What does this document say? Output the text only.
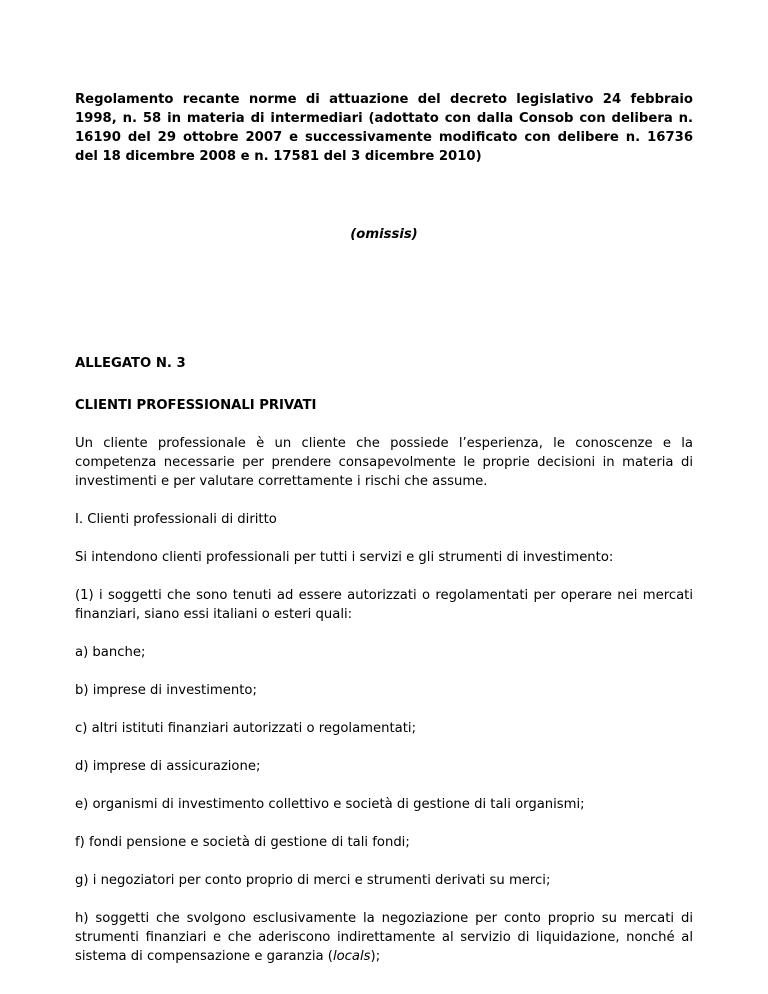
Regolamento recante norme di attuazione del decreto legislativo 24 febbraio 1998, n. 58 in materia di intermediari (adottato con dalla Consob con delibera n. 16190 del 29 ottobre 2007 e successivamente modificato con delibere n. 16736 del 18 dicembre 2008 e n. 17581 del 3 dicembre 2010)
(omissis)

ALLEGATO N. 3

CLIENTI PROFESSIONALI PRIVATI

Un cliente professionale è un cliente che possiede l’esperienza, le conoscenze e la competenza necessarie per prendere consapevolmente le proprie decisioni in materia di investimenti e per valutare correttamente i rischi che assume.

I. Clienti professionali di diritto

Si intendono clienti professionali per tutti i servizi e gli strumenti di investimento:

(1) i soggetti che sono tenuti ad essere autorizzati o regolamentati per operare nei mercati finanziari, siano essi italiani o esteri quali:

a) banche;

b) imprese di investimento;

c) altri istituti finanziari autorizzati o regolamentati;

d) imprese di assicurazione;

e) organismi di investimento collettivo e società di gestione di tali organismi;

f) fondi pensione e società di gestione di tali fondi;

g) i negoziatori per conto proprio di merci e strumenti derivati su merci;

h) soggetti che svolgono esclusivamente la negoziazione per conto proprio su mercati di strumenti finanziari e che aderiscono indirettamente al servizio di liquidazione, nonché al sistema di compensazione e garanzia (locals);
